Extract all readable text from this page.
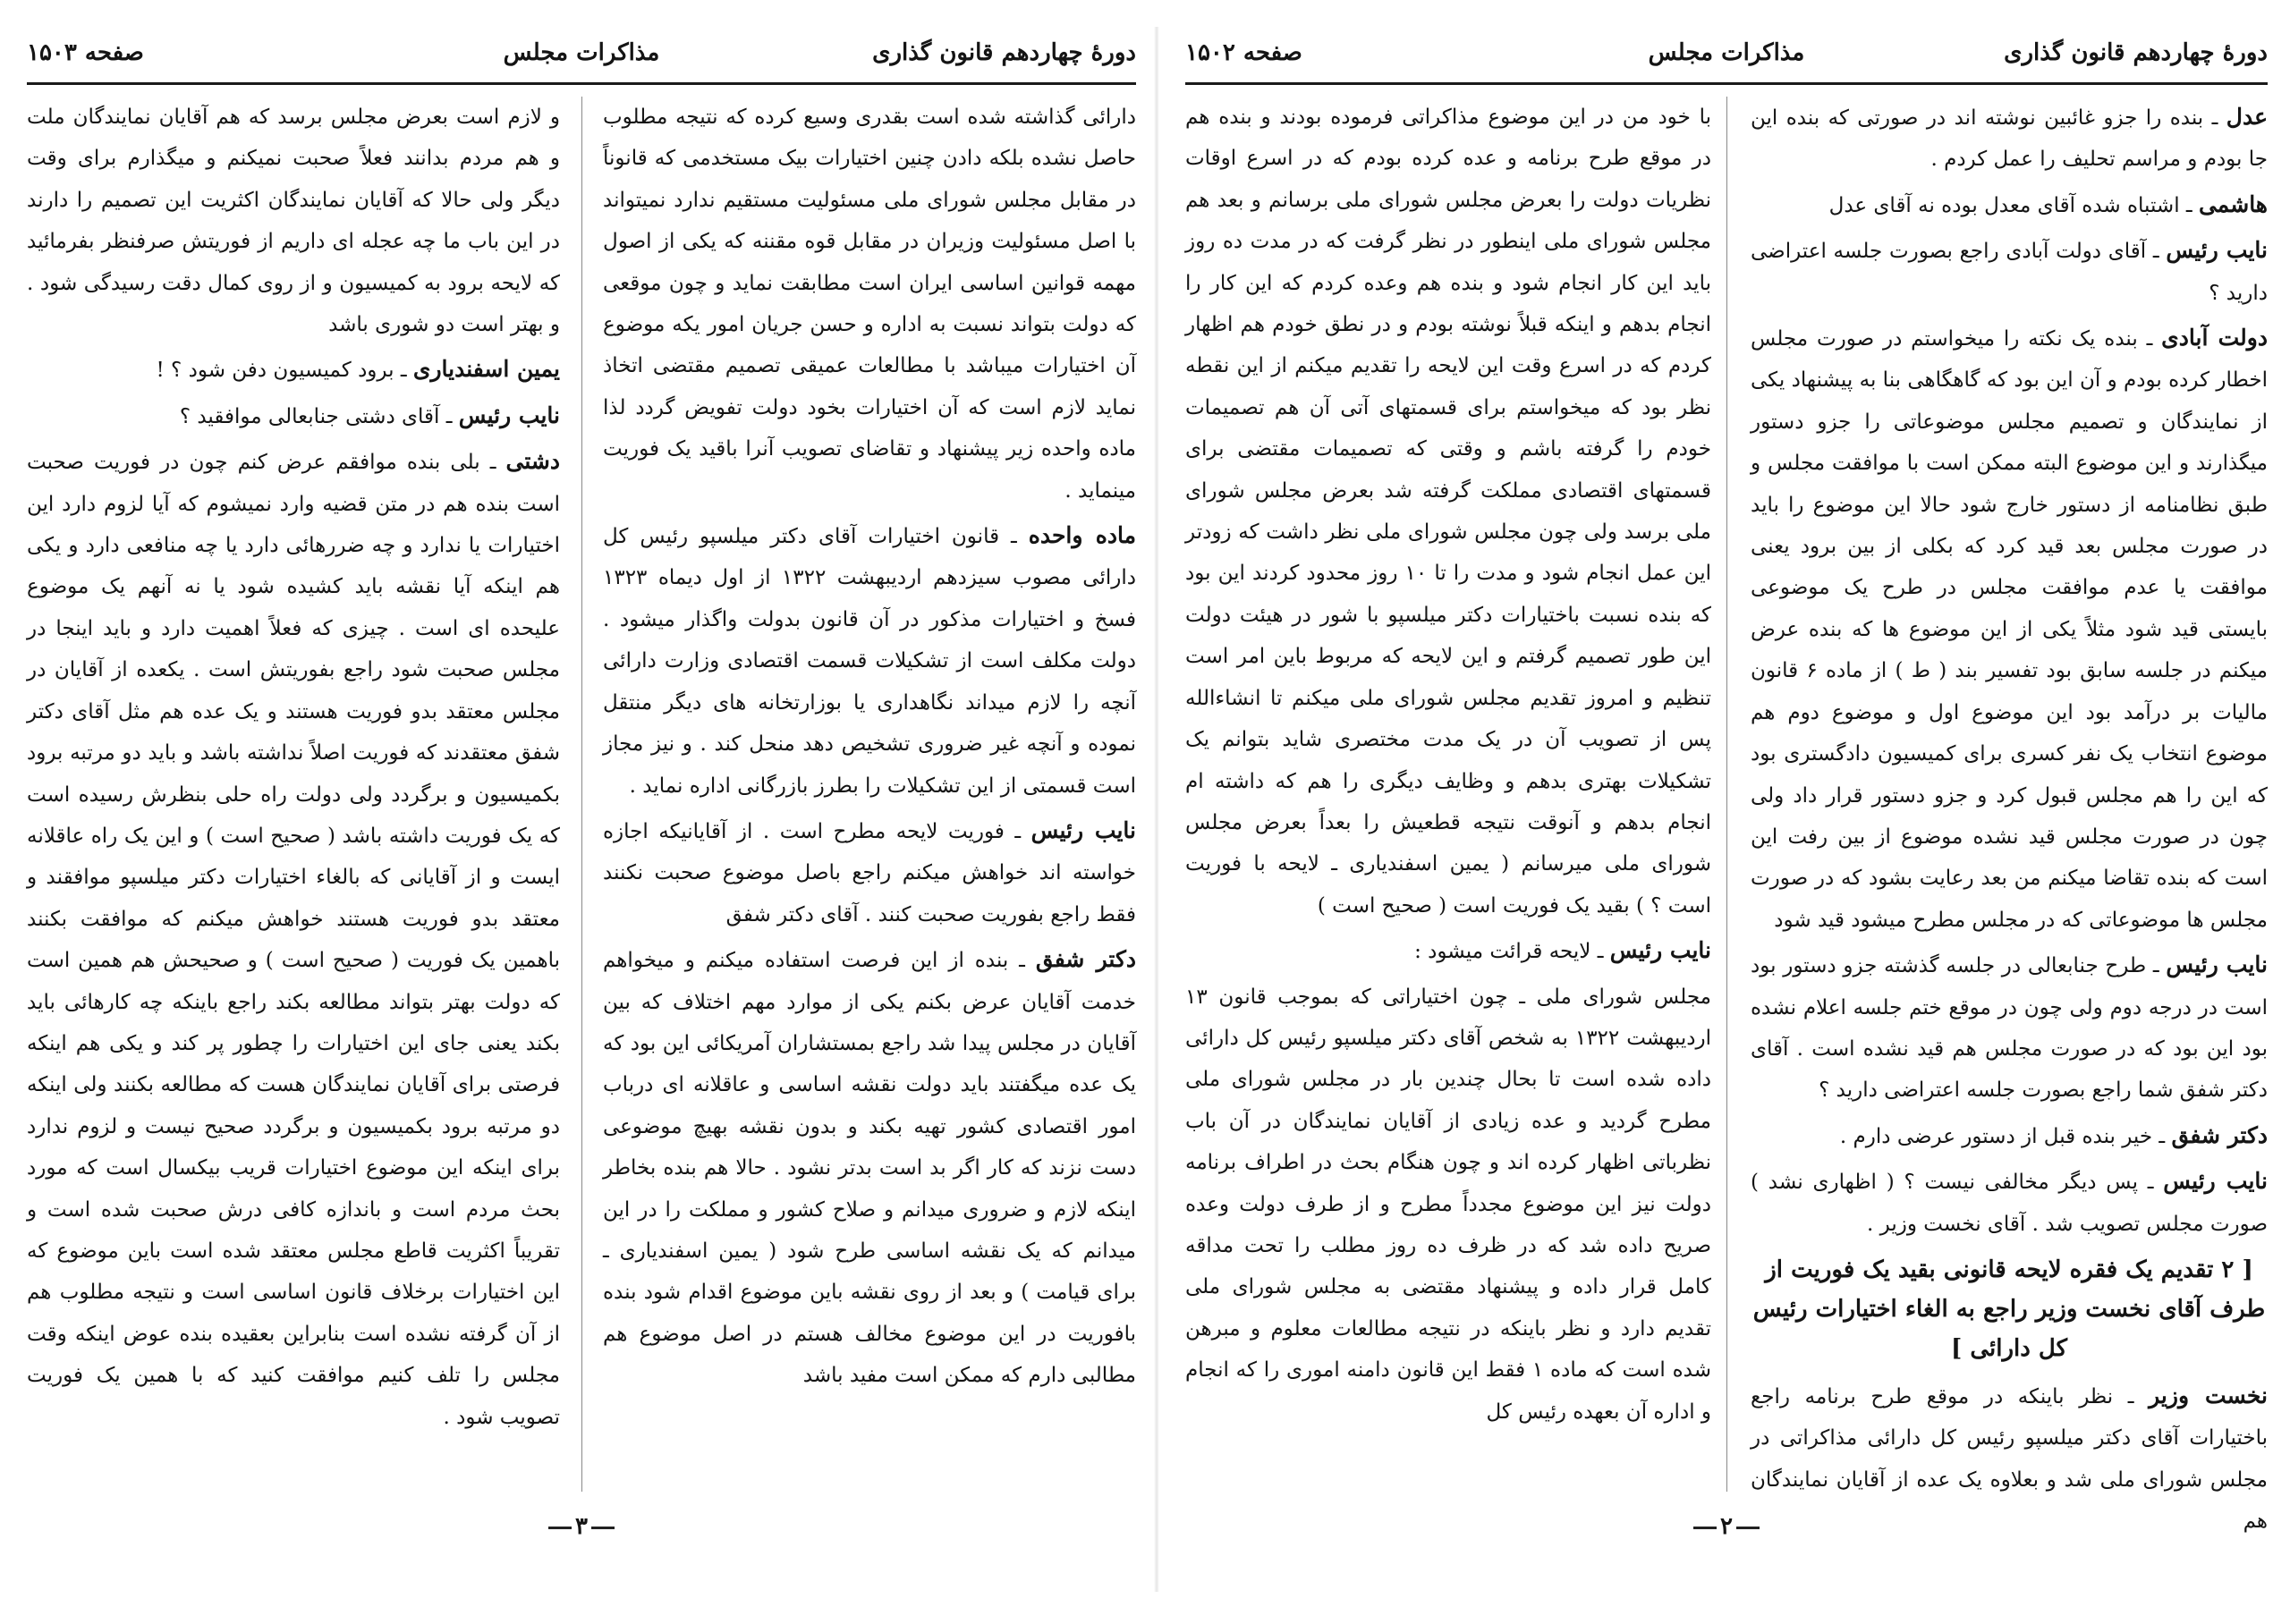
دورهٔ چهاردهم قانون گذاری
مذاکرات مجلس
صفحه ۱۵۰۳

دارائی گذاشته شده است بقدری وسیع کرده که نتیجه مطلوب حاصل نشده بلکه دادن چنین اختیارات بیک مستخدمی که قانوناً در مقابل مجلس شورای ملی مسئولیت مستقیم ندارد نمیتواند با اصل مسئولیت وزیران در مقابل قوه مقننه که یکی از اصول مهمه قوانین اساسی ایران است مطابقت نماید و چون موقعی که دولت بتواند نسبت به اداره و حسن جریان امور یکه موضوع آن اختیارات میباشد با مطالعات عمیقی تصمیم مقتضی اتخاذ نماید لازم است که آن اختیارات بخود دولت تفویض گردد لذا ماده واحده زیر پیشنهاد و تقاضای تصویب آنرا باقید یک فوریت مینماید .

ماده واحده ـ قانون اختیارات آقای دکتر میلسپو رئیس کل دارائی مصوب سیزدهم اردیبهشت ۱۳۲۲ از اول دیماه ۱۳۲۳ فسخ و اختیارات مذکور در آن قانون بدولت واگذار میشود . دولت مکلف است از تشکیلات قسمت اقتصادی وزارت دارائی آنچه را لازم میداند نگاهداری یا بوزارتخانه های دیگر منتقل نموده و آنچه غیر ضروری تشخیص دهد منحل کند . و نیز مجاز است قسمتی از این تشکیلات را بطرز بازرگانی اداره نماید .

نایب رئیس ـ فوریت لایحه مطرح است . از آقایانیکه اجازه خواسته اند خواهش میکنم راجع باصل موضوع صحبت نکنند فقط راجع بفوریت صحبت کنند . آقای دکتر شفق

دکتر شفق ـ بنده از این فرصت استفاده میکنم و میخواهم خدمت آقایان عرض بکنم یکی از موارد مهم اختلاف که بین آقایان در مجلس پیدا شد راجع بمستشاران آمریکائی این بود که یک عده میگفتند باید دولت نقشه اساسی و عاقلانه ای درباب امور اقتصادی کشور تهیه بکند و بدون نقشه بهیچ موضوعی دست نزند که کار اگر بد است بدتر نشود . حالا هم بنده بخاطر اینکه لازم و ضروری میدانم و صلاح کشور و مملکت را در این میدانم که یک نقشه اساسی طرح شود ( یمین اسفندیاری ـ برای قیامت ) و بعد از روی نقشه باین موضوع اقدام شود بنده بافوریت در این موضوع مخالف هستم در اصل موضوع هم مطالبی دارم که ممکن است مفید باشد

و لازم است بعرض مجلس برسد که هم آقایان نمایندگان ملت و هم مردم بدانند فعلاً صحبت نمیکنم و میگذارم برای وقت دیگر ولی حالا که آقایان نمایندگان اکثریت این تصمیم را دارند در این باب ما چه عجله ای داریم از فوریتش صرفنظر بفرمائید که لایحه برود به کمیسیون و از روی کمال دقت رسیدگی شود . و بهتر است دو شوری باشد

یمین اسفندیاری ـ برود کمیسیون دفن شود ؟ !

نایب رئیس ـ آقای دشتی جنابعالی موافقید ؟

دشتی ـ بلی بنده موافقم عرض کنم چون در فوریت صحبت است بنده هم در متن قضیه وارد نمیشوم که آیا لزوم دارد این اختیارات یا ندارد و چه ضررهائی دارد یا چه منافعی دارد و یکی هم اینکه آیا نقشه باید کشیده شود یا نه آنهم یک موضوع علیحده ای است . چیزی که فعلاً اهمیت دارد و باید اینجا در مجلس صحبت شود راجع بفوریتش است . یکعده از آقایان در مجلس معتقد بدو فوریت هستند و یک عده هم مثل آقای دکتر شفق معتقدند که فوریت اصلاً نداشته باشد و باید دو مرتبه برود بکمیسیون و برگردد ولی دولت راه حلی بنظرش رسیده است که یک فوریت داشته باشد ( صحیح است ) و این یک راه عاقلانه ایست و از آقایانی که بالغاء اختیارات دکتر میلسپو موافقند و معتقد بدو فوریت هستند خواهش میکنم که موافقت بکنند باهمین یک فوریت ( صحیح است ) و صحیحش هم همین است که دولت بهتر بتواند مطالعه بکند راجع باینکه چه کارهائی باید بکند یعنی جای این اختیارات را چطور پر کند و یکی هم اینکه فرصتی برای آقایان نمایندگان هست که مطالعه بکنند ولی اینکه دو مرتبه برود بکمیسیون و برگردد صحیح نیست و لزوم ندارد برای اینکه این موضوع اختیارات قریب بیکسال است که مورد بحث مردم است و باندازه کافی درش صحبت شده است و تقریباً اکثریت قاطع مجلس معتقد شده است باین موضوع که این اختیارات برخلاف قانون اساسی است و نتیجه مطلوب هم از آن گرفته نشده است بنابراین بعقیده بنده عوض اینکه وقت مجلس را تلف کنیم موافقت کنید که با همین یک فوریت تصویب شود .

۳
دورهٔ چهاردهم قانون گذاری
مذاکرات مجلس
صفحه ۱۵۰۲

عدل ـ بنده را جزو غائبین نوشته اند در صورتی که بنده این جا بودم و مراسم تحلیف را عمل کردم .

هاشمی ـ اشتباه شده آقای معدل بوده نه آقای عدل

نایب رئیس ـ آقای دولت آبادی راجع بصورت جلسه اعتراضی دارید ؟

دولت آبادی ـ بنده یک نکته را میخواستم در صورت مجلس اخطار کرده بودم و آن این بود که گاهگاهی بنا به پیشنهاد یکی از نمایندگان و تصمیم مجلس موضوعاتی را جزو دستور میگذارند و این موضوع البته ممکن است با موافقت مجلس و طبق نظامنامه از دستور خارج شود حالا این موضوع را باید در صورت مجلس بعد قید کرد که بکلی از بین برود یعنی موافقت یا عدم موافقت مجلس در طرح یک موضوعی بایستی قید شود مثلاً یکی از این موضوع ها که بنده عرض میکنم در جلسه سابق بود تفسیر بند ( ط ) از ماده ۶ قانون مالیات بر درآمد بود این موضوع اول و موضوع دوم هم موضوع انتخاب یک نفر کسری برای کمیسیون دادگستری بود که این را هم مجلس قبول کرد و جزو دستور قرار داد ولی چون در صورت مجلس قید نشده موضوع از بین رفت این است که بنده تقاضا میکنم من بعد رعایت بشود که در صورت مجلس ها موضوعاتی که در مجلس مطرح میشود قید شود

نایب رئیس ـ طرح جنابعالی در جلسه گذشته جزو دستور بود است در درجه دوم ولی چون در موقع ختم جلسه اعلام نشده بود این بود که در صورت مجلس هم قید نشده است . آقای دکتر شفق شما راجع بصورت جلسه اعتراضی دارید ؟

دکتر شفق ـ خیر بنده قبل از دستور عرضی دارم .

نایب رئیس ـ پس دیگر مخالفی نیست ؟ ( اظهاری نشد ) صورت مجلس تصویب شد . آقای نخست وزیر .

[ ۲ تقدیم یک فقره لایحه قانونی بقید یک فوریت از طرف آقای نخست وزیر راجع به الغاء اختیارات رئیس کل دارائی ]

نخست وزیر ـ نظر باینکه در موقع طرح برنامه راجع باختیارات آقای دکتر میلسپو رئیس کل دارائی مذاکراتی در مجلس شورای ملی شد و بعلاوه یک عده از آقایان نمایندگان هم

با خود من در این موضوع مذاکراتی فرموده بودند و بنده هم در موقع طرح برنامه و عده کرده بودم که در اسرع اوقات نظریات دولت را بعرض مجلس شورای ملی برسانم و بعد هم مجلس شورای ملی اینطور در نظر گرفت که در مدت ده روز باید این کار انجام شود و بنده هم وعده کردم که این کار را انجام بدهم و اینکه قبلاً نوشته بودم و در نطق خودم هم اظهار کردم که در اسرع وقت این لایحه را تقدیم میکنم از این نقطه نظر بود که میخواستم برای قسمتهای آتی آن هم تصمیمات خودم را گرفته باشم و وقتی که تصمیمات مقتضی برای قسمتهای اقتصادی مملکت گرفته شد بعرض مجلس شورای ملی برسد ولی چون مجلس شورای ملی نظر داشت که زودتر این عمل انجام شود و مدت را تا ۱۰ روز محدود کردند این بود که بنده نسبت باختیارات دکتر میلسپو با شور در هیئت دولت این طور تصمیم گرفتم و این لایحه که مربوط باین امر است تنظیم و امروز تقدیم مجلس شورای ملی میکنم تا انشاءالله پس از تصویب آن در یک مدت مختصری شاید بتوانم یک تشکیلات بهتری بدهم و وظایف دیگری را هم که داشته ام انجام بدهم و آنوقت نتیجه قطعیش را بعداً بعرض مجلس شورای ملی میرسانم ( یمین اسفندیاری ـ لایحه با فوریت است ؟ ) بقید یک فوریت است ( صحیح است )

نایب رئیس ـ لایحه قرائت میشود :

مجلس شورای ملی ـ چون اختیاراتی که بموجب قانون ۱۳ اردیبهشت ۱۳۲۲ به شخص آقای دکتر میلسپو رئیس کل دارائی داده شده است تا بحال چندین بار در مجلس شورای ملی مطرح گردید و عده زیادی از آقایان نمایندگان در آن باب نظرباتی اظهار کرده اند و چون هنگام بحث در اطراف برنامه دولت نیز این موضوع مجدداً مطرح و از طرف دولت وعده صریح داده شد که در ظرف ده روز مطلب را تحت مداقه کامل قرار داده و پیشنهاد مقتضی به مجلس شورای ملی تقدیم دارد و نظر باینکه در نتیجه مطالعات معلوم و مبرهن شده است که ماده ۱ فقط این قانون دامنه اموری را که انجام و اداره آن بعهده رئیس کل

۲
